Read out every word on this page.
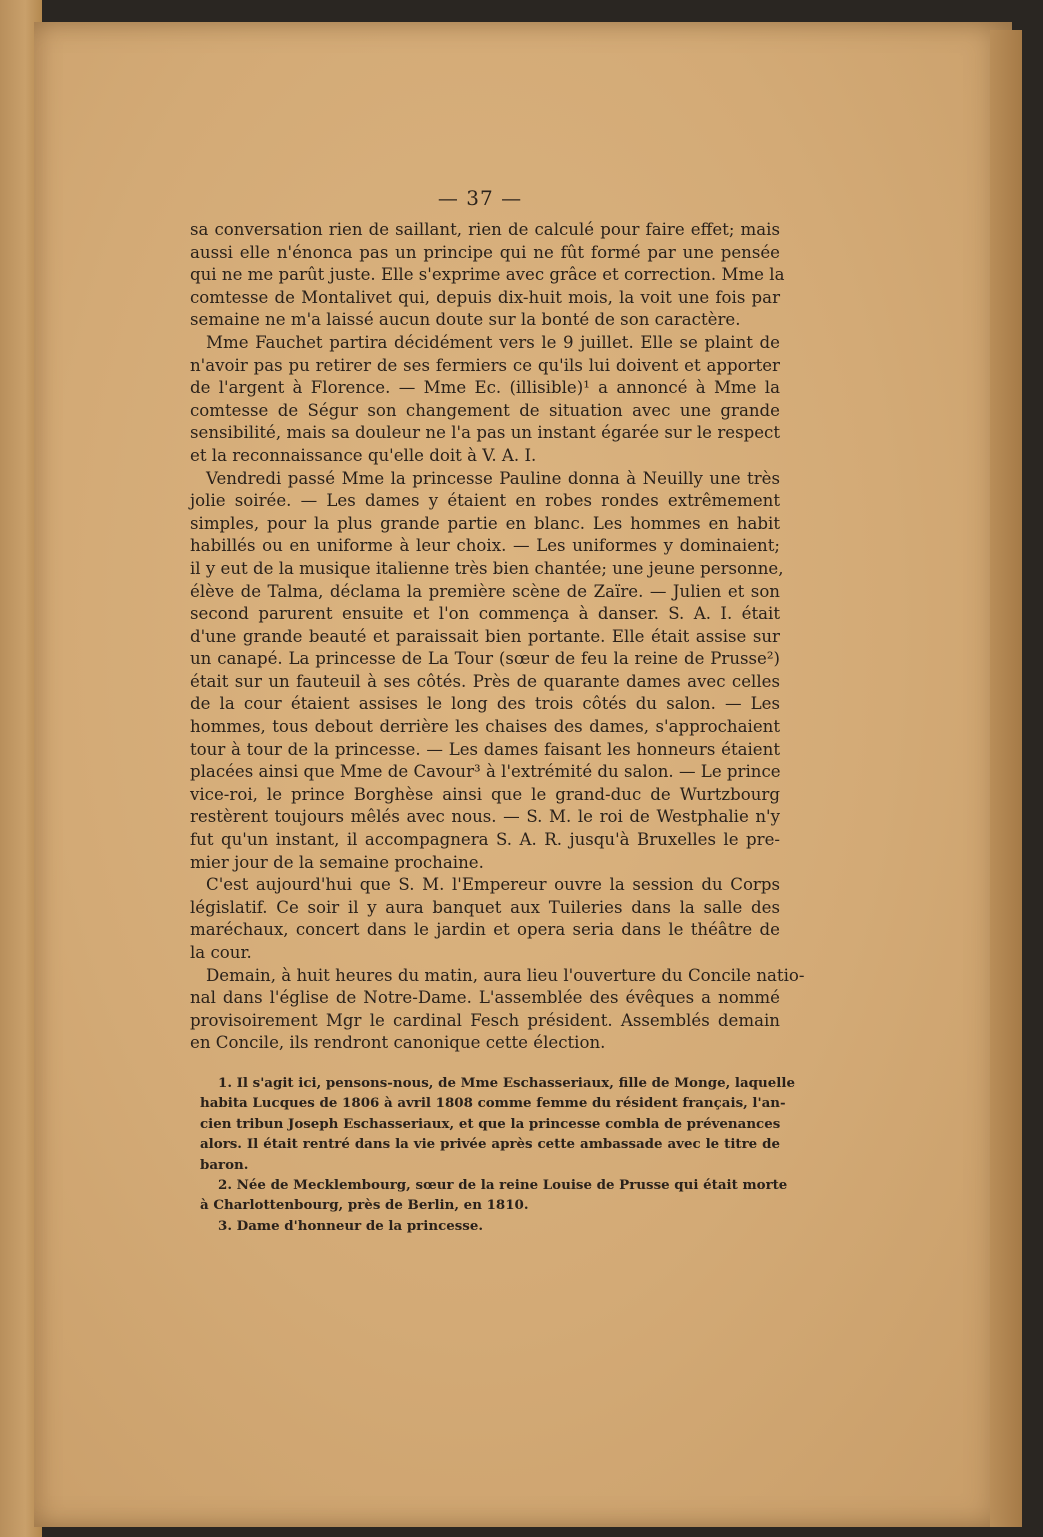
— 37 —
sa conversation rien de saillant, rien de calculé pour faire effet; mais
aussi elle n'énonca pas un principe qui ne fût formé par une pensée
qui ne me parût juste. Elle s'exprime avec grâce et correction. Mme la
comtesse de Montalivet qui, depuis dix-huit mois, la voit une fois par
semaine ne m'a laissé aucun doute sur la bonté de son caractère.
Mme Fauchet partira décidément vers le 9 juillet. Elle se plaint de
n'avoir pas pu retirer de ses fermiers ce qu'ils lui doivent et apporter
de l'argent à Florence. — Mme Ec. (illisible)¹ a annoncé à Mme la
comtesse de Ségur son changement de situation avec une grande
sensibilité, mais sa douleur ne l'a pas un instant égarée sur le respect
et la reconnaissance qu'elle doit à V. A. I.
Vendredi passé Mme la princesse Pauline donna à Neuilly une très
jolie soirée. — Les dames y étaient en robes rondes extrêmement
simples, pour la plus grande partie en blanc. Les hommes en habit
habillés ou en uniforme à leur choix. — Les uniformes y dominaient;
il y eut de la musique italienne très bien chantée; une jeune personne,
élève de Talma, déclama la première scène de Zaïre. — Julien et son
second parurent ensuite et l'on commença à danser. S. A. I. était
d'une grande beauté et paraissait bien portante. Elle était assise sur
un canapé. La princesse de La Tour (sœur de feu la reine de Prusse²)
était sur un fauteuil à ses côtés. Près de quarante dames avec celles
de la cour étaient assises le long des trois côtés du salon. — Les
hommes, tous debout derrière les chaises des dames, s'approchaient
tour à tour de la princesse. — Les dames faisant les honneurs étaient
placées ainsi que Mme de Cavour³ à l'extrémité du salon. — Le prince
vice-roi, le prince Borghèse ainsi que le grand-duc de Wurtzbourg
restèrent toujours mêlés avec nous. — S. M. le roi de Westphalie n'y
fut qu'un instant, il accompagnera S. A. R. jusqu'à Bruxelles le pre-
mier jour de la semaine prochaine.
C'est aujourd'hui que S. M. l'Empereur ouvre la session du Corps
législatif. Ce soir il y aura banquet aux Tuileries dans la salle des
maréchaux, concert dans le jardin et opera seria dans le théâtre de
la cour.
Demain, à huit heures du matin, aura lieu l'ouverture du Concile natio-
nal dans l'église de Notre-Dame. L'assemblée des évêques a nommé
provisoirement Mgr le cardinal Fesch président. Assemblés demain
en Concile, ils rendront canonique cette élection.
1. Il s'agit ici, pensons-nous, de Mme Eschasseriaux, fille de Monge, laquelle
habita Lucques de 1806 à avril 1808 comme femme du résident français, l'an-
cien tribun Joseph Eschasseriaux, et que la princesse combla de prévenances
alors. Il était rentré dans la vie privée après cette ambassade avec le titre de
baron.
2. Née de Mecklembourg, sœur de la reine Louise de Prusse qui était morte
à Charlottenbourg, près de Berlin, en 1810.
3. Dame d'honneur de la princesse.
